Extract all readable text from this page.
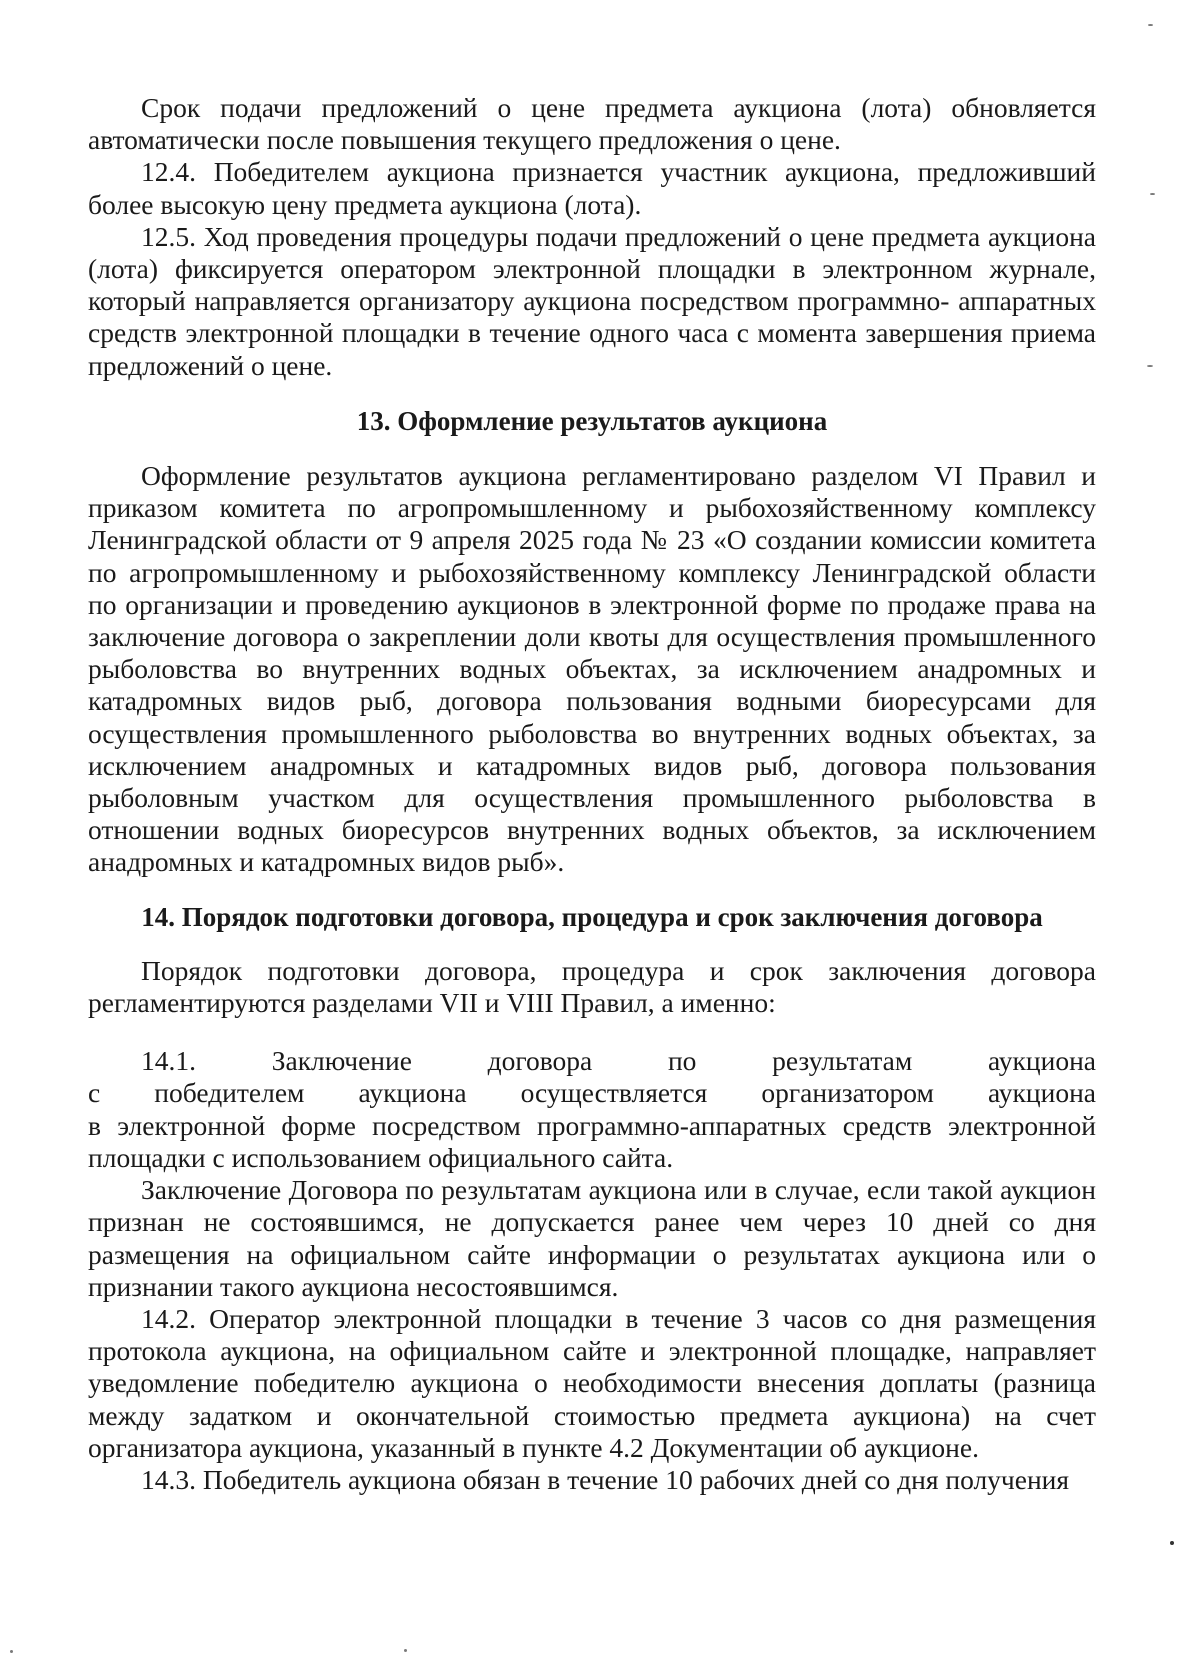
Срок подачи предложений о цене предмета аукциона (лота) обновляется автоматически после повышения текущего предложения о цене.

12.4. Победителем аукциона признается участник аукциона, предложивший более высокую цену предмета аукциона (лота).

12.5. Ход проведения процедуры подачи предложений о цене предмета аукциона (лота) фиксируется оператором электронной площадки в электронном журнале, который направляется организатору аукциона посредством программно- аппаратных средств электронной площадки в течение одного часа с момента завершения приема предложений о цене.

13. Оформление результатов аукциона

Оформление результатов аукциона регламентировано разделом VI Правил и приказом комитета по агропромышленному и рыбохозяйственному комплексу Ленинградской области от 9 апреля 2025 года № 23 «О создании комиссии комитета по агропромышленному и рыбохозяйственному комплексу Ленинградской области по организации и проведению аукционов в электронной форме по продаже права на заключение договора о закреплении доли квоты для осуществления промышленного рыболовства во внутренних водных объектах, за исключением анадромных и катадромных видов рыб, договора пользования водными биоресурсами для осуществления промышленного рыболовства во внутренних водных объектах, за исключением анадромных и катадромных видов рыб, договора пользования рыболовным участком для осуществления промышленного рыболовства в отношении водных биоресурсов внутренних водных объектов, за исключением анадромных и катадромных видов рыб».

14. Порядок подготовки договора, процедура и срок заключения договора

Порядок подготовки договора, процедура и срок заключения договора регламентируются разделами VII и VIII Правил, а именно:

14.1. Заключение договора по результатам аукциона

с победителем аукциона осуществляется организатором аукциона

в электронной форме посредством программно-аппаратных средств электронной площадки с использованием официального сайта.

Заключение Договора по результатам аукциона или в случае, если такой аукцион признан не состоявшимся, не допускается ранее чем через 10 дней со дня размещения на официальном сайте информации о результатах аукциона или о признании такого аукциона несостоявшимся.

14.2. Оператор электронной площадки в течение 3 часов со дня размещения протокола аукциона, на официальном сайте и электронной площадке, направляет уведомление победителю аукциона о необходимости внесения доплаты (разница между задатком и окончательной стоимостью предмета аукциона) на счет организатора аукциона, указанный в пункте 4.2 Документации об аукционе.

14.3. Победитель аукциона обязан в течение 10 рабочих дней со дня получения
